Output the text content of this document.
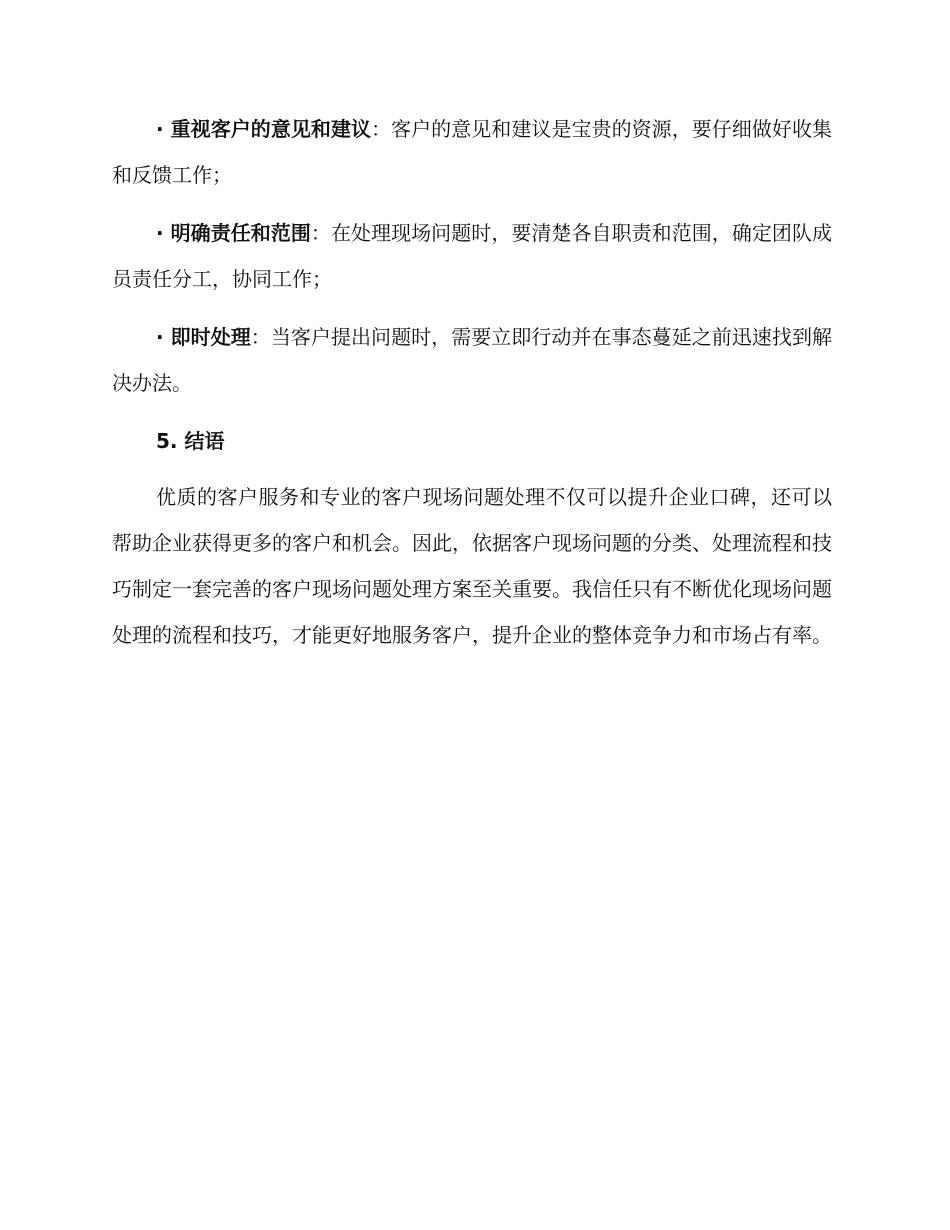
· 重视客户的意见和建议：客户的意见和建议是宝贵的资源，要仔细做好收集和反馈工作；

· 明确责任和范围：在处理现场问题时，要清楚各自职责和范围，确定团队成员责任分工，协同工作；

· 即时处理：当客户提出问题时，需要立即行动并在事态蔓延之前迅速找到解决办法。

5. 结语

优质的客户服务和专业的客户现场问题处理不仅可以提升企业口碑，还可以帮助企业获得更多的客户和机会。因此，依据客户现场问题的分类、处理流程和技巧制定一套完善的客户现场问题处理方案至关重要。我信任只有不断优化现场问题处理的流程和技巧，才能更好地服务客户，提升企业的整体竞争力和市场占有率。
